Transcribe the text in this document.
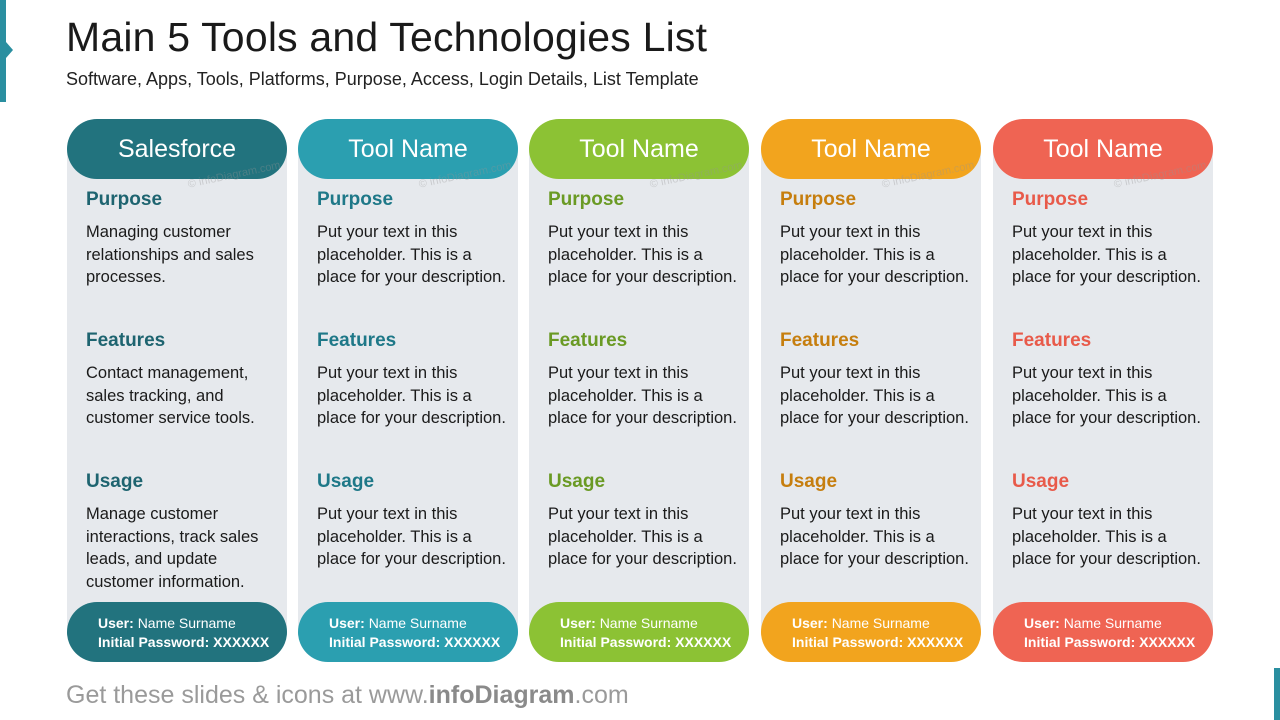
Main 5 Tools and Technologies List
Software, Apps, Tools, Platforms, Purpose, Access, Login Details, List Template
Salesforce
Purpose
Managing customer relationships and sales processes.
Features
Contact management, sales tracking, and customer service tools.
Usage
Manage customer interactions, track sales leads, and update customer information.
User: Name Surname
Initial Password: XXXXXX
© infoDiagram.com
Tool Name
Purpose
Put your text in this placeholder. This is a place for your description.
Features
Put your text in this placeholder. This is a place for your description.
Usage
Put your text in this placeholder. This is a place for your description.
User: Name Surname
Initial Password: XXXXXX
© infoDiagram.com
Tool Name
Purpose
Put your text in this placeholder. This is a place for your description.
Features
Put your text in this placeholder. This is a place for your description.
Usage
Put your text in this placeholder. This is a place for your description.
User: Name Surname
Initial Password: XXXXXX
© infoDiagram.com
Tool Name
Purpose
Put your text in this placeholder. This is a place for your description.
Features
Put your text in this placeholder. This is a place for your description.
Usage
Put your text in this placeholder. This is a place for your description.
User: Name Surname
Initial Password: XXXXXX
© infoDiagram.com
Tool Name
Purpose
Put your text in this placeholder. This is a place for your description.
Features
Put your text in this placeholder. This is a place for your description.
Usage
Put your text in this placeholder. This is a place for your description.
User: Name Surname
Initial Password: XXXXXX
© infoDiagram.com
Get these slides & icons at www.infoDiagram.com
